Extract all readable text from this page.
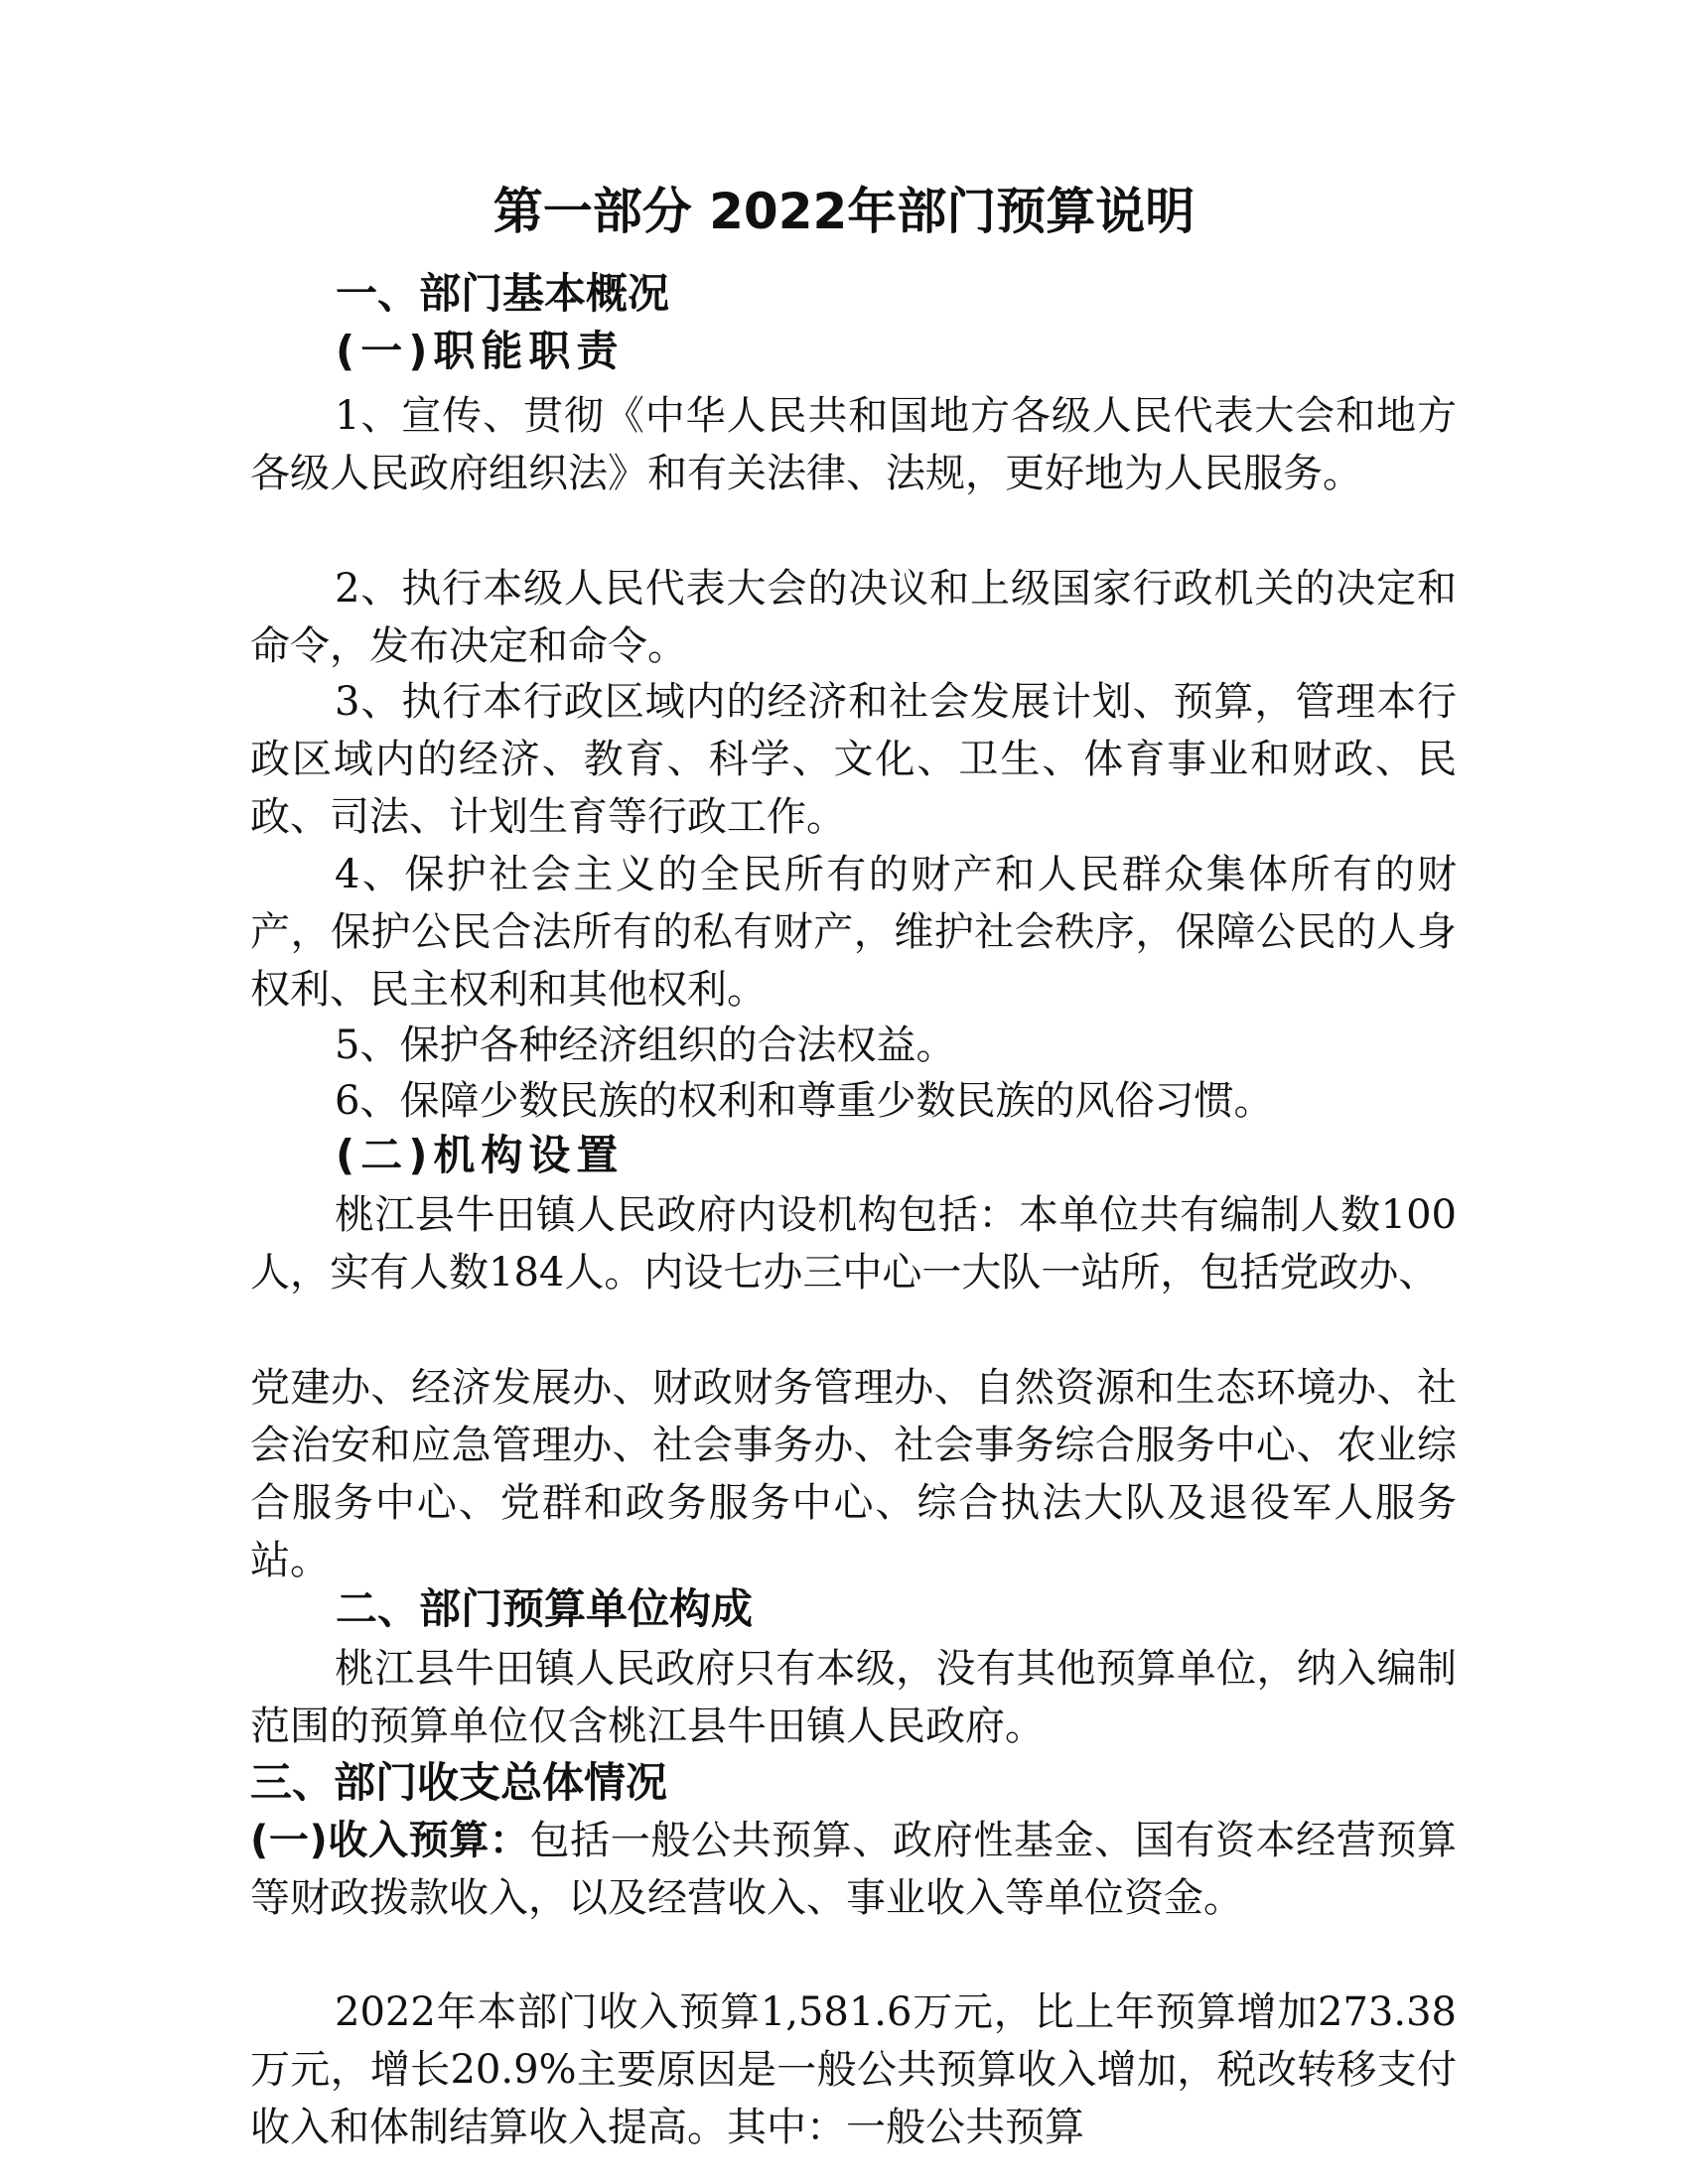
第一部分 2022年部门预算说明
一、部门基本概况
(一)职能职责

1、宣传、贯彻《中华人民共和国地方各级人民代表大会和地方各级人民政府组织法》和有关法律、法规，更好地为人民服务。

2、执行本级人民代表大会的决议和上级国家行政机关的决定和命令，发布决定和命令。

3、执行本行政区域内的经济和社会发展计划、预算，管理本行政区域内的经济、教育、科学、文化、卫生、体育事业和财政、民政、司法、计划生育等行政工作。

4、保护社会主义的全民所有的财产和人民群众集体所有的财产，保护公民合法所有的私有财产，维护社会秩序，保障公民的人身权利、民主权利和其他权利。

5、保护各种经济组织的合法权益。

6、保障少数民族的权利和尊重少数民族的风俗习惯。

(二)机构设置

桃江县牛田镇人民政府内设机构包括：本单位共有编制人数100人，实有人数184人。内设七办三中心一大队一站所，包括党政办、

党建办、经济发展办、财政财务管理办、自然资源和生态环境办、社会治安和应急管理办、社会事务办、社会事务综合服务中心、农业综合服务中心、党群和政务服务中心、综合执法大队及退役军人服务站。

二、部门预算单位构成

桃江县牛田镇人民政府只有本级，没有其他预算单位，纳入编制范围的预算单位仅含桃江县牛田镇人民政府。

三、部门收支总体情况

(一)收入预算：包括一般公共预算、政府性基金、国有资本经营预算等财政拨款收入，以及经营收入、事业收入等单位资金。

2022年本部门收入预算1,581.6万元，比上年预算增加273.38万元，增长20.9%主要原因是一般公共预算收入增加，税改转移支付收入和体制结算收入提高。其中：一般公共预算
